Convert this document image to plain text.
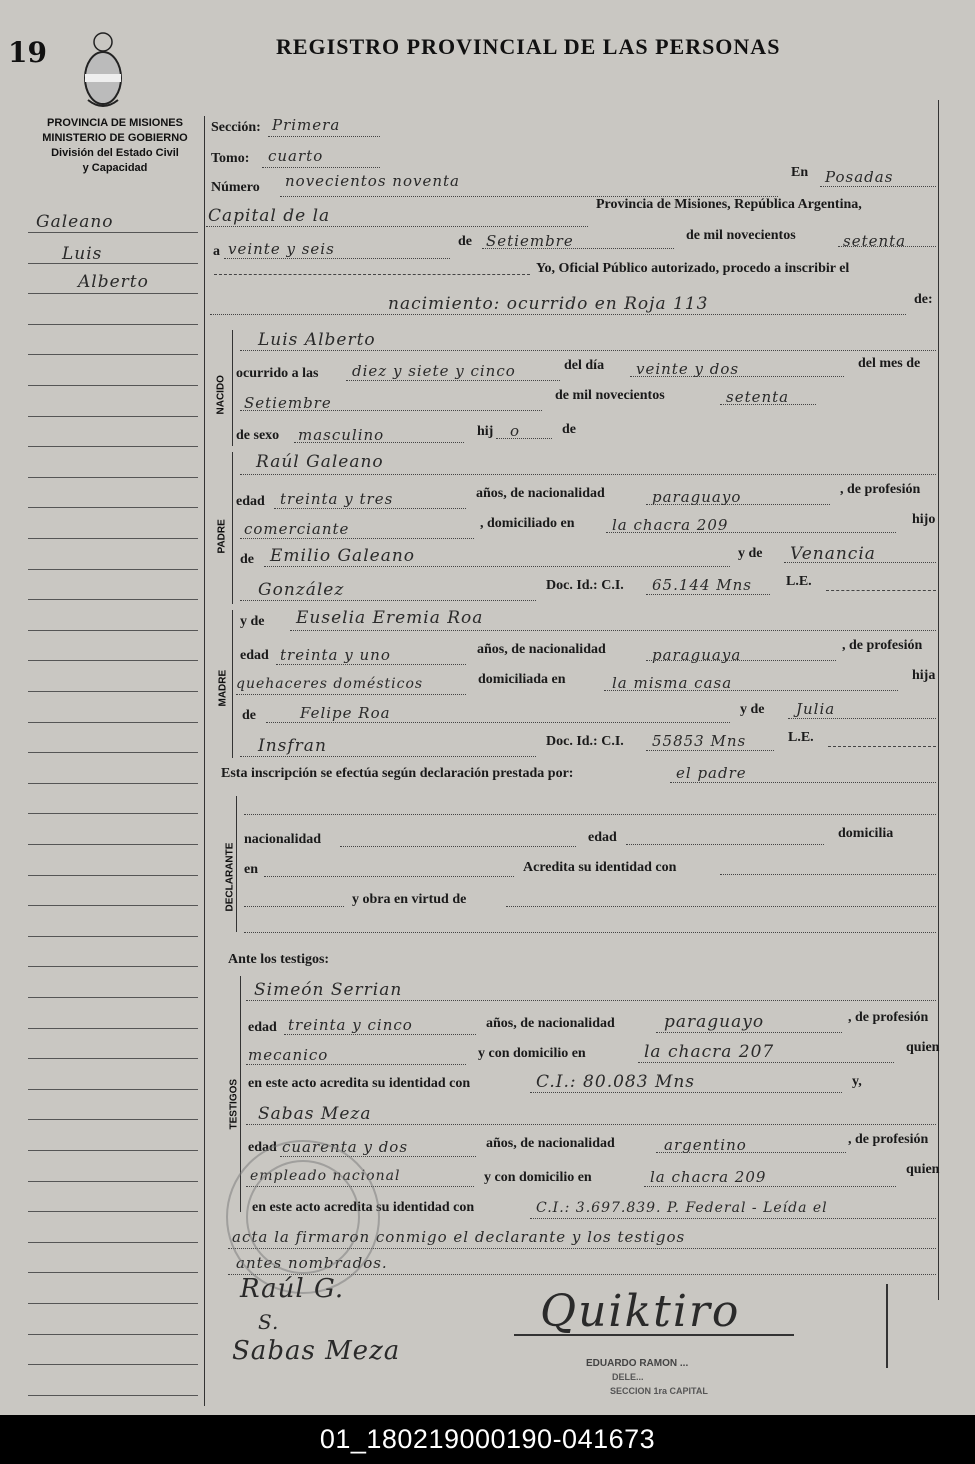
19	REGISTRO PROVINCIAL DE LAS PERSONAS
PROVINCIA DE MISIONES
MINISTERIO DE GOBIERNO
División del Estado Civil
y Capacidad
Galeano
Luis
Alberto
Sección: Primera
Tomo: cuarto
Número novecientos noventa	En Posadas
Capital de la
Provincia de Misiones, República Argentina,
a veinte y seis	de Setiembre	de mil novecientos	setenta
Yo, Oficial Público autorizado, procedo a inscribir el
nacimiento: ocurrido en Roja 113	de:
NACIDO
Luis Alberto
ocurrido a las diez y siete y cinco	del día veinte y dos	del mes de
Setiembre	de mil novecientos	setenta
de sexo masculino	hij o	de
PADRE
Raúl Galeano
edad treinta y tres	años, de nacionalidad	paraguayo	, de profesión
comerciante	, domiciliado en la chacra 209	hijo
de Emilio Galeano	y de Venancia
González	Doc. Id.: C.I. 65.144 Mns L.E.
MADRE
y de Euselia Eremia Roa
edad treinta y uno	años, de nacionalidad	paraguaya
, de profesión
quehaceres domésticos	domiciliada en	la misma casa	hija
de	Felipe Roa	y de Julia
Insfran	Doc. Id.: C.I. 55853 Mns	L.E.
Esta inscripción se efectúa según declaración prestada por:	el padre
DECLARANTE
nacionalidad	edad	domicilia
en	Acredita su identidad con
y obra en virtud de
Ante los testigos:
TESTIGOS
Simeón Serrian
edad treinta y cinco	años, de nacionalidad	paraguayo	, de profesión
mecanico	y con domicilio en	la chacra 207	quien
en este acto acredita su identidad con	C.I.: 80.083 Mns	y,
Sabas Meza
edad cuarenta y dos	años, de nacionalidad	argentino	, de profesión
empleado nacional	y con domicilio en	la chacra 209	quien
en este acto acredita su identidad con	C.I.: 3.697.839. P. Federal - Leída el
acta la firmaron conmigo el declarante y los testigos
antes nombrados.
Raúl G.
S.
Sabas Meza
Quiktiro
EDUARDO RAMON ...
DELE...
SECCION 1ra CAPITAL
01_180219000190-041673
